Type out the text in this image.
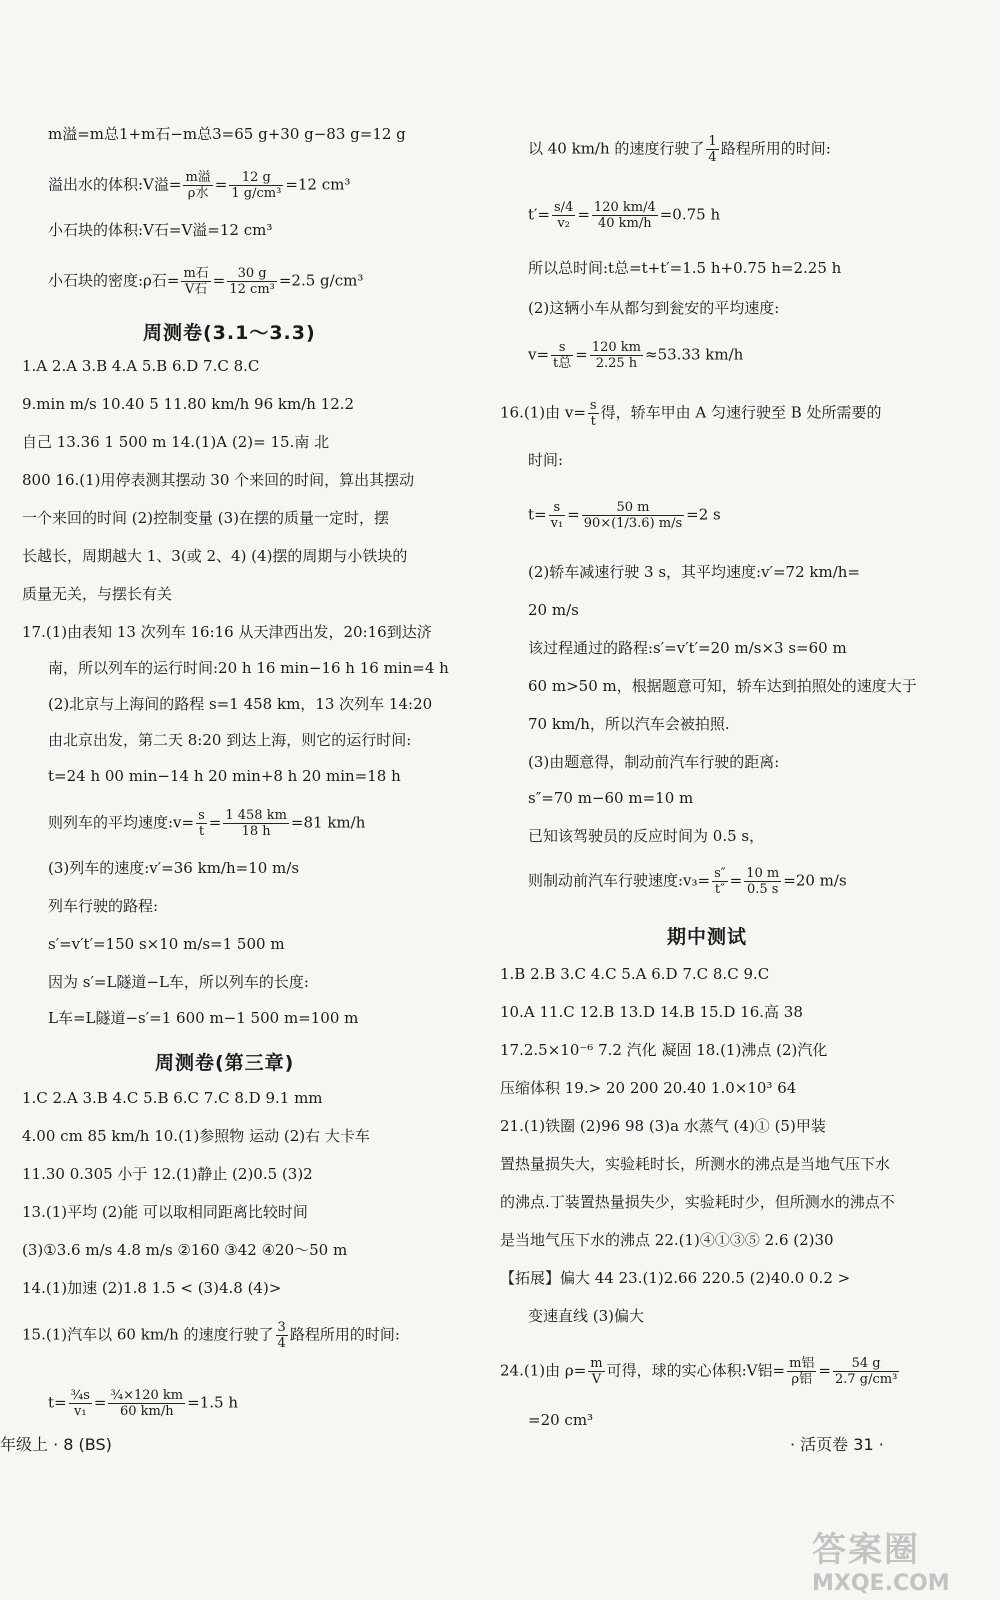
m溢=m总1+m石−m总3=65 g+30 g−83 g=12 g
溢出水的体积:V溢= $\frac{\text{m溢}}{\text{ρ水}} = \frac{12 g}{\text{1 g/cm³}} =12$ cm³
小石块的体积:V石=V溢=12 cm³
小石块的密度:ρ石= $\frac{\text{m石}}{\text{V石}} = \frac{30 g}{\text{12 cm³}} =2.5$ g/cm³
周测卷(3.1～3.3)
1.A 2.A 3.B 4.A 5.B 6.D 7.C 8.C
9.min m/s 10.40 5 11.80 km/h 96 km/h 12.2
自己 13.36 1 500 m 14.(1)A (2)= 15.南 北
800 16.(1)用停表测其摆动 30 个来回的时间，算出其摆动
一个来回的时间 (2)控制变量 (3)在摆的质量一定时，摆
长越长，周期越大 1、3(或 2、4) (4)摆的周期与小铁块的
质量无关，与摆长有关
17.(1)由表知 13 次列车 16:16 从天津西出发，20:16到达济
南，所以列车的运行时间:20 h 16 min−16 h 16 min=4 h
(2)北京与上海间的路程 s=1 458 km，13 次列车 14:20
由北京出发，第二天 8:20 到达上海，则它的运行时间:
t=24 h 00 min−14 h 20 min+8 h 20 min=18 h
则列车的平均速度:v= $\frac{s}{t} = \frac{1 458 km}{18 h} =81$ km/h
(3)列车的速度:v′=36 km/h=10 m/s
列车行驶的路程:
s′=v′t′=150 s×10 m/s=1 500 m
因为 s′=L隧道−L车，所以列车的长度:
L车=L隧道−s′=1 600 m−1 500 m=100 m
周测卷(第三章)
1.C 2.A 3.B 4.C 5.B 6.C 7.C 8.D 9.1 mm
4.00 cm 85 km/h 10.(1)参照物 运动 (2)右 大卡车
11.30 0.305 小于 12.(1)静止 (2)0.5 (3)2
13.(1)平均 (2)能 可以取相同距离比较时间
(3)①3.6 m/s 4.8 m/s ②160 ③42 ④20～50 m
14.(1)加速 (2)1.8 1.5 < (3)4.8 (4)>
15.(1)汽车以 60 km/h 的速度行驶了 $\frac{3}{4}$ 路程所用的时间:
$t= \frac{\text{¾s}}{\text{v₁}} = \frac{\text{¾×120 km}}{60 km/h} =1.5$ h
以 40 km/h 的速度行驶了 $\frac{1}{4}$ 路程所用的时间:
$t'= \frac{s/4}{\text{v₂}} = \frac{120 km/4}{40 km/h} =0.75$ h
所以总时间:t总=t+t′=1.5 h+0.75 h=2.25 h
(2)这辆小车从都匀到瓮安的平均速度:
$v= \frac{s}{\text{t总}} = \frac{120 km}{2.25 h} \approx 53.33$ km/h
16.(1)由 $v= \frac{s}{t}$ 得，轿车甲由 A 匀速行驶至 B 处所需要的
时间:
$t= \frac{s}{\text{v₁}} = \frac{50 m}{90\times(1/3.6) m/s} =2$ s
(2)轿车减速行驶 3 s，其平均速度:v′=72 km/h=
20 m/s
该过程通过的路程:s′=v′t′=20 m/s×3 s=60 m
60 m>50 m，根据题意可知，轿车达到拍照处的速度大于
70 km/h，所以汽车会被拍照.
(3)由题意得，制动前汽车行驶的距离:
s″=70 m−60 m=10 m
已知该驾驶员的反应时间为 0.5 s，
则制动前汽车行驶速度:v₃= $\frac{s''}{t''} = \frac{10 m}{0.5 s} =20$ m/s
期中测试
1.B 2.B 3.C 4.C 5.A 6.D 7.C 8.C 9.C
10.A 11.C 12.B 13.D 14.B 15.D 16.高 38
17.2.5×10⁻⁶ 7.2 汽化 凝固 18.(1)沸点 (2)汽化
压缩体积 19.> 20 200 20.40 1.0×10³ 64
21.(1)铁圈 (2)96 98 (3)a 水蒸气 (4)① (5)甲装
置热量损失大，实验耗时长，所测水的沸点是当地气压下水
的沸点.丁装置热量损失少，实验耗时少，但所测水的沸点不
是当地气压下水的沸点 22.(1)④①③⑤ 2.6 (2)30
【拓展】偏大 44 23.(1)2.66 220.5 (2)40.0 0.2 >
变速直线 (3)偏大
24.(1)由 $\rho= \frac{m}{V}$ 可得，球的实心体积:V铝= $\frac{\text{m铝}}{\text{ρ铝}} = \frac{54 g}{\text{2.7 g/cm³}}$
=20 cm³
年级上 · 8 (BS)	· 活页卷 31 ·
答案圈
MXQE.COM
